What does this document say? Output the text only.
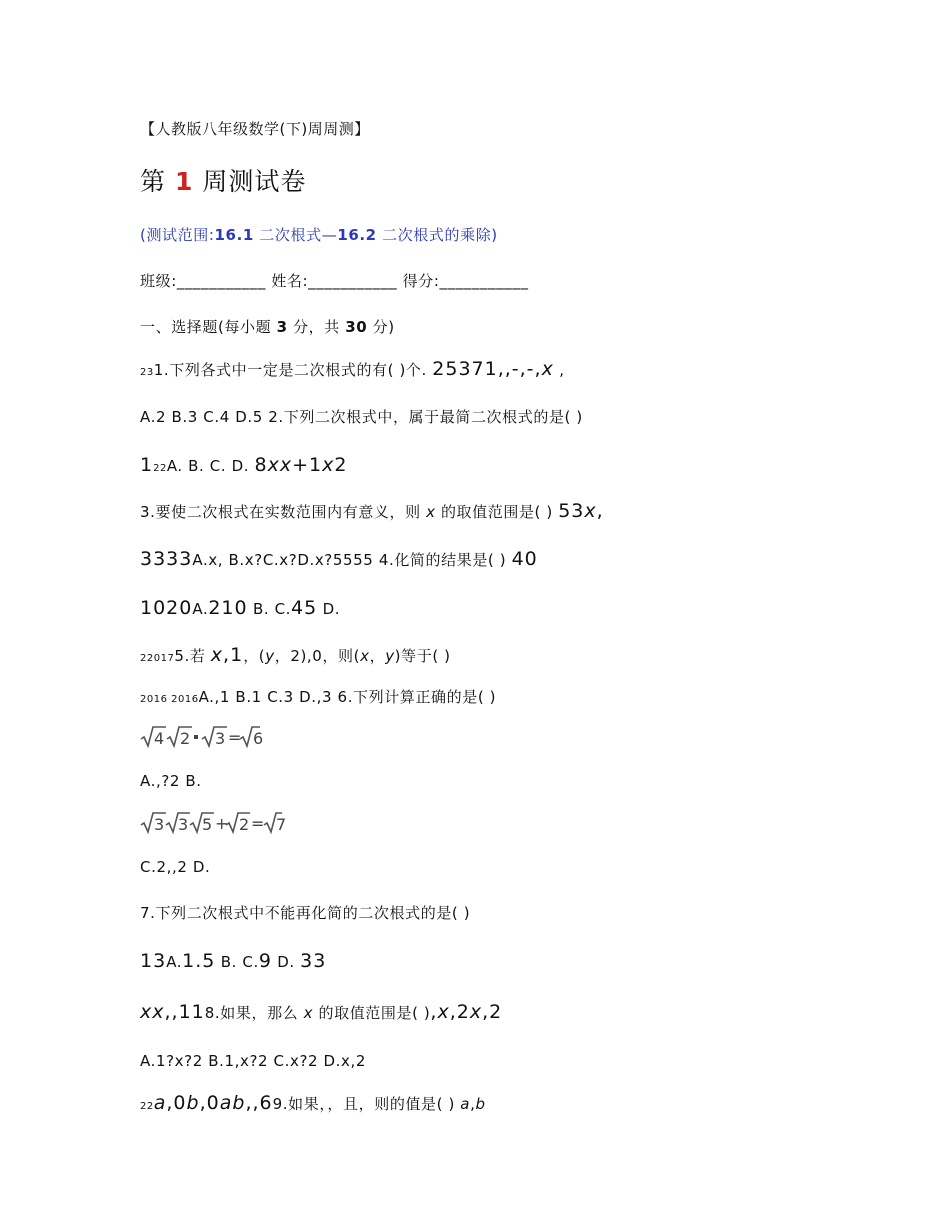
【人教版八年级数学(下)周周测】
第 1 周测试卷
(测试范围:16.1 二次根式—16.2 二次根式的乘除)
班级:___________ 姓名:___________ 得分:___________
一、选择题(每小题 3 分，共 30 分)
231.下列各式中一定是二次根式的有( )个. 25371,,-,-,x ,
A.2 B.3 C.4 D.5 2.下列二次根式中，属于最简二次根式的是( )
122A. B. C. D. 8xx+1x2
3.要使二次根式在实数范围内有意义，则 x 的取值范围是( ) 53x,
3333A.x, B.x?C.x?D.x?5555 4.化简的结果是( ) 40
1020A.210 B. C.45 D.
220175.若 x,1，(y，2),0，则(x，y)等于( )
2016 2016A.,1 B.1 C.3 D.,3 6.下列计算正确的是( )
4 2 3 6
=
A.,?2 B.
3 3 5 + 2 = 7
C.2,,2 D.
7.下列二次根式中不能再化简的二次根式的是( )
13A.1.5 B. C.9 D. 33
xx,,118.如果，那么 x 的取值范围是( ),x,2x,2
A.1?x?2 B.1,x?2 C.x?2 D.x,2
22a,0b,0ab,,69.如果，，且，则的值是( ) a,b
